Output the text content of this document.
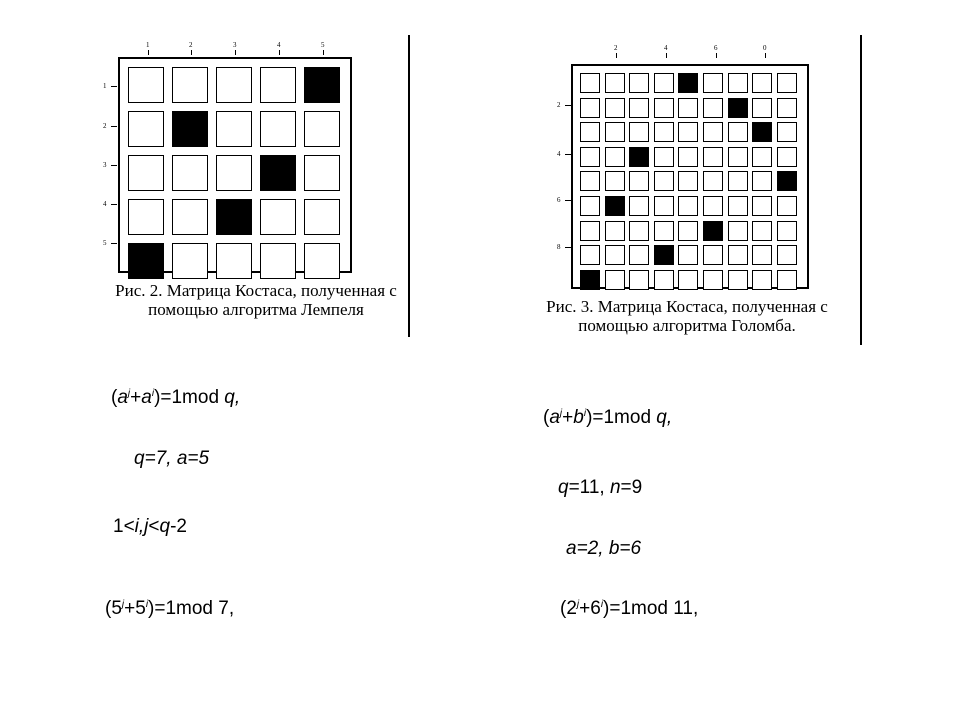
1	2	3	4	5
1
2
3
4
5
Рис. 2. Матрица Костаса, полученная с
помощью алгоритма Лемпеля
2	4	6	0
2
4
6
8
Рис. 3. Матрица Костаса, полученная с
помощью алгоритма Голомба.
$(a^j+a^i)=1mod$ q,
q=7, a=5
1<i,j<q-2
$(5^j+5^i)=1mod$ 7,
$(a^j+b^i)=1mod$ q,
q=11, n=9
a=2, b=6
$(2^j+6^i)=1mod$ 11,
